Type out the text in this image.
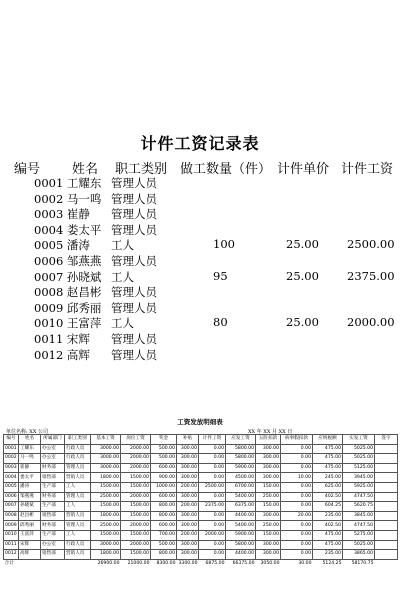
计件工资记录表
编号 姓名 职工类别 做工数量（件） 计件单价 计件工资
0001 工耀东 管理人员
0002 马一鸣 管理人员
0003 崔静 管理人员
0004 娄太平 管理人员
0005 潘涛 工人	100	25.00 2500.00
0006 邹燕燕 管理人员
0007 孙晓斌 工人	95	25.00 2375.00
0008 赵昌彬 管理人员
0009 邱秀丽 管理人员
0010 王富萍 工人	80	25.00 2000.00
0011 宋辉 管理人员
0012 高辉 管理人员
工资发放明细表
单位名称: XX 公司	XX 年 XX 月 XX 日
编号	姓名	所属部门	职工类别	基本工资	岗位工资	奖金	补贴	计件工资	应发工资	五险扣款	病事假扣款	应纳税额	实发工资	签字
0001	工耀东	办公室	行政人员	3000.00	2000.00	500.00	300.00	0.00	5800.00	300.00	0.00	475.00	5025.00	
0002	马一鸣	办公室	行政人员	3000.00	2000.00	500.00	300.00	0.00	5800.00	300.00	0.00	475.00	5025.00	
0003	崔静	财务部	管理人员	3000.00	2000.00	600.00	300.00	0.00	5900.00	300.00	0.00	475.00	5125.00	
0004	娄太平	销售部	营销人员	1800.00	1500.00	900.00	300.00	0.00	4500.00	300.00	10.00	245.00	3945.00	
0005	潘涛	生产部	工人	1500.00	1500.00	1000.00	200.00	2500.00	6700.00	150.00	0.00	625.00	5925.00	
0006	邹燕燕	财务部	管理人员	2500.00	2000.00	600.00	300.00	0.00	5400.00	250.00	0.00	402.50	4747.50	
0007	孙晓斌	生产部	工人	1500.00	1500.00	800.00	200.00	2375.00	6375.00	150.00	0.00	604.25	5620.75	
0008	赵昌彬	销售部	营销人员	1800.00	1500.00	800.00	300.00	0.00	4400.00	300.00	20.00	235.00	3845.00	
0009	邱秀丽	财务部	管理人员	2500.00	2000.00	600.00	300.00	0.00	5400.00	250.00	0.00	402.50	4747.50	
0010	王富萍	生产部	工人	1500.00	1500.00	700.00	200.00	2000.00	5900.00	150.00	0.00	475.00	5275.00	
0011	宋辉	办公室	行政人员	3000.00	2000.00	500.00	300.00	0.00	5800.00	300.00	0.00	475.00	5025.00	
0012	高辉	销售部	营销人员	1800.00	1500.00	800.00	300.00	0.00	4400.00	300.00	0.00	235.00	3865.00	
合计				26900.00	21000.00	8300.00	3300.00	6875.00	66375.00	3050.00	30.00	5124.25	58170.75	
